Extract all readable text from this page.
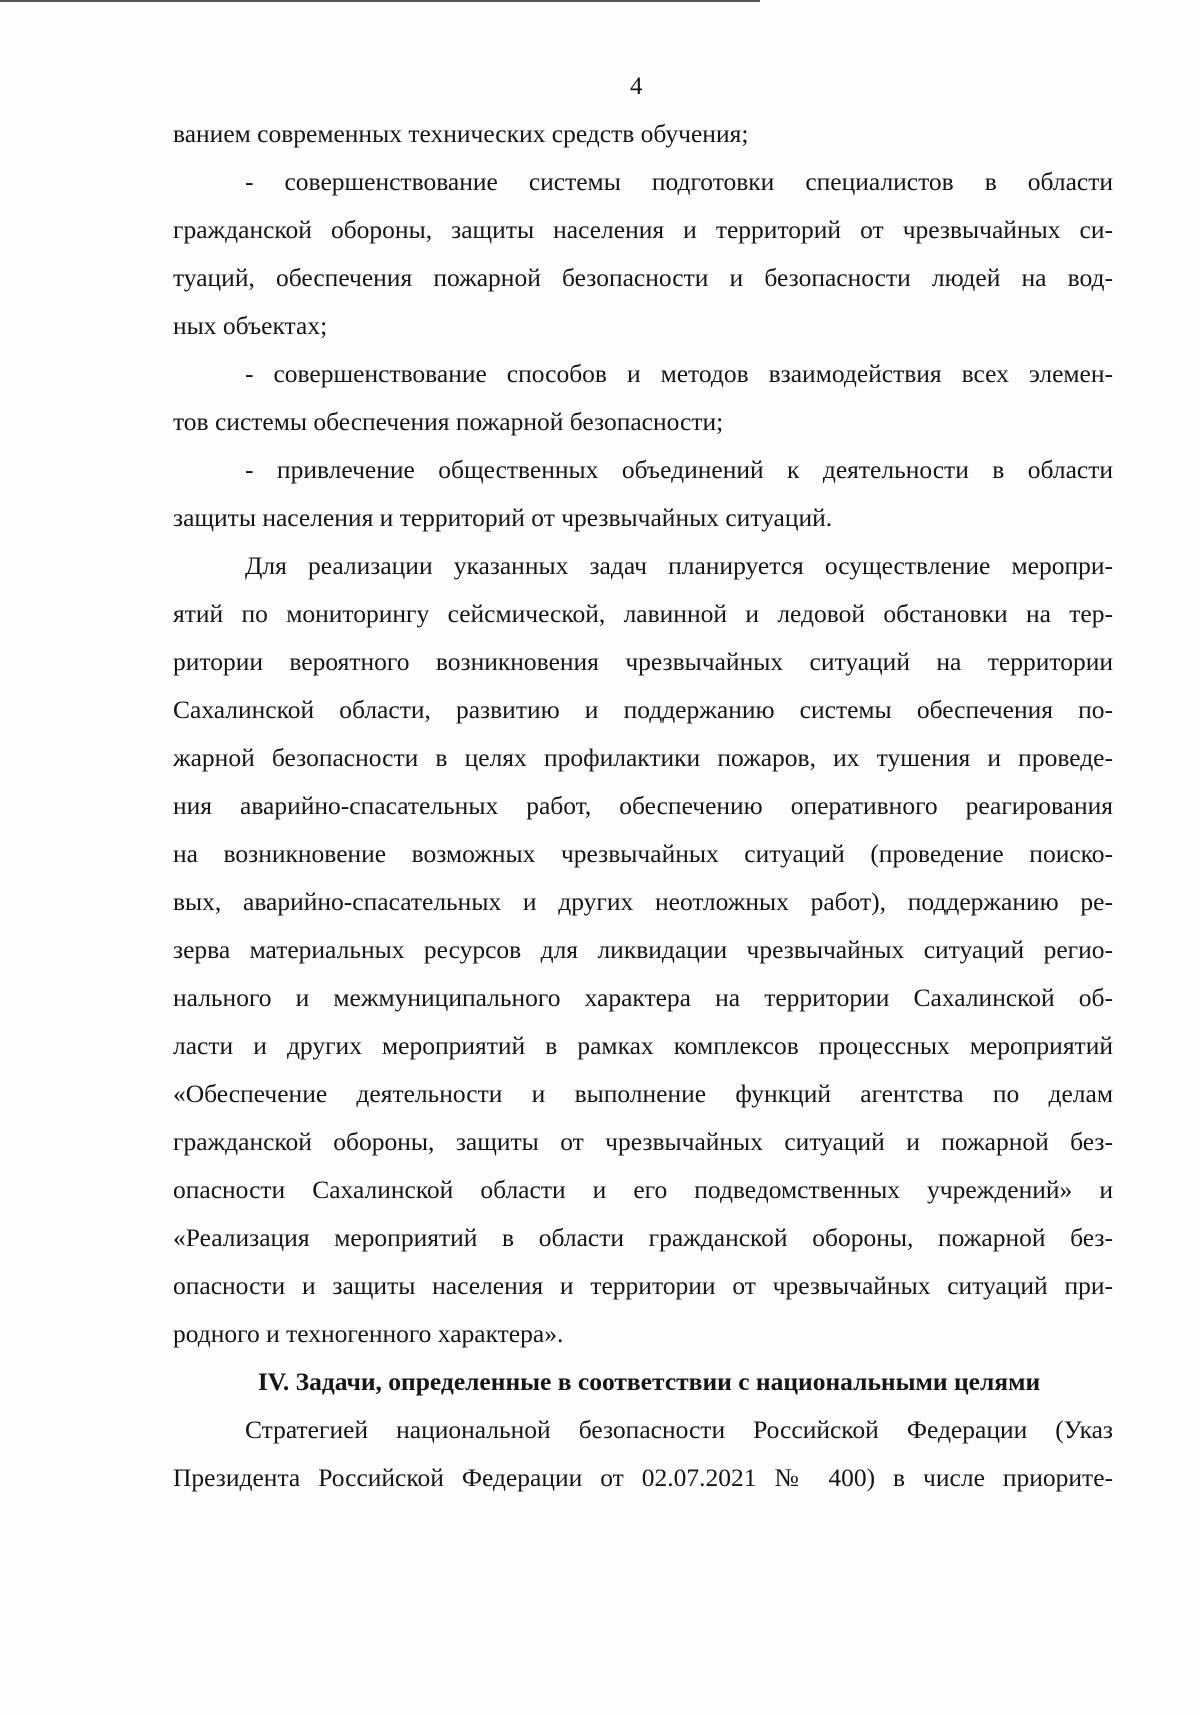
4
ванием современных технических средств обучения;
- совершенствование системы подготовки специалистов в области
гражданской обороны, защиты населения и территорий от чрезвычайных си-
туаций, обеспечения пожарной безопасности и безопасности людей на вод-
ных объектах;
- совершенствование способов и методов взаимодействия всех элемен-
тов системы обеспечения пожарной безопасности;
- привлечение общественных объединений к деятельности в области
защиты населения и территорий от чрезвычайных ситуаций.
Для реализации указанных задач планируется осуществление меропри-
ятий по мониторингу сейсмической, лавинной и ледовой обстановки на тер-
ритории вероятного возникновения чрезвычайных ситуаций на территории
Сахалинской области, развитию и поддержанию системы обеспечения по-
жарной безопасности в целях профилактики пожаров, их тушения и проведе-
ния аварийно-спасательных работ, обеспечению оперативного реагирования
на возникновение возможных чрезвычайных ситуаций (проведение поиско-
вых, аварийно-спасательных и других неотложных работ), поддержанию ре-
зерва материальных ресурсов для ликвидации чрезвычайных ситуаций регио-
нального и межмуниципального характера на территории Сахалинской об-
ласти и других мероприятий в рамках комплексов процессных мероприятий
«Обеспечение деятельности и выполнение функций агентства по делам
гражданской обороны, защиты от чрезвычайных ситуаций и пожарной без-
опасности Сахалинской области и его подведомственных учреждений» и
«Реализация мероприятий в области гражданской обороны, пожарной без-
опасности и защиты населения и территории от чрезвычайных ситуаций при-
родного и техногенного характера».
IV. Задачи, определенные в соответствии с национальными целями
Стратегией национальной безопасности Российской Федерации (Указ
Президента Российской Федерации от 02.07.2021 № 400) в числе приорите-
